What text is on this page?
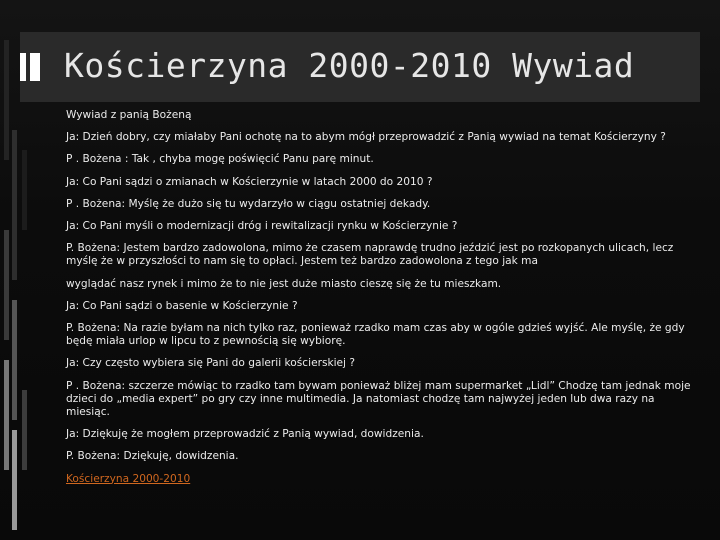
Kościerzyna 2000-2010 Wywiad

Wywiad z panią Bożeną

Ja: Dzień dobry, czy miałaby Pani ochotę na to abym mógł przeprowadzić z Panią wywiad na temat Kościerzyny ?

P . Bożena : Tak , chyba mogę poświęcić Panu parę minut.

Ja: Co Pani sądzi o zmianach w Kościerzynie w latach 2000 do 2010 ?

P . Bożena: Myślę że dużo się tu wydarzyło w ciągu ostatniej dekady.

Ja: Co Pani myśli o modernizacji dróg i rewitalizacji rynku w Kościerzynie ?

P. Bożena: Jestem bardzo zadowolona, mimo że czasem naprawdę trudno jeździć jest po rozkopanych ulicach, lecz myślę że w przyszłości to nam się to opłaci. Jestem też bardzo zadowolona z tego jak ma

wyglądać nasz rynek i mimo że to nie jest duże miasto cieszę się że tu mieszkam.

Ja: Co Pani sądzi o basenie w Kościerzynie ?

P. Bożena: Na razie byłam na nich tylko raz, ponieważ rzadko mam czas aby w ogóle gdzieś wyjść. Ale myślę, że gdy będę miała urlop w lipcu to z pewnością się wybiorę.

Ja: Czy często wybiera się Pani do galerii kościerskiej ?

P . Bożena: szczerze mówiąc to rzadko tam bywam ponieważ bliżej mam supermarket „Lidl” Chodzę tam jednak moje dzieci do „media expert” po gry czy inne multimedia. Ja natomiast chodzę tam najwyżej jeden lub dwa razy na miesiąc.

Ja: Dziękuję że mogłem przeprowadzić z Panią wywiad, dowidzenia.

P. Bożena: Dziękuję, dowidzenia.

Kościerzyna 2000-2010
